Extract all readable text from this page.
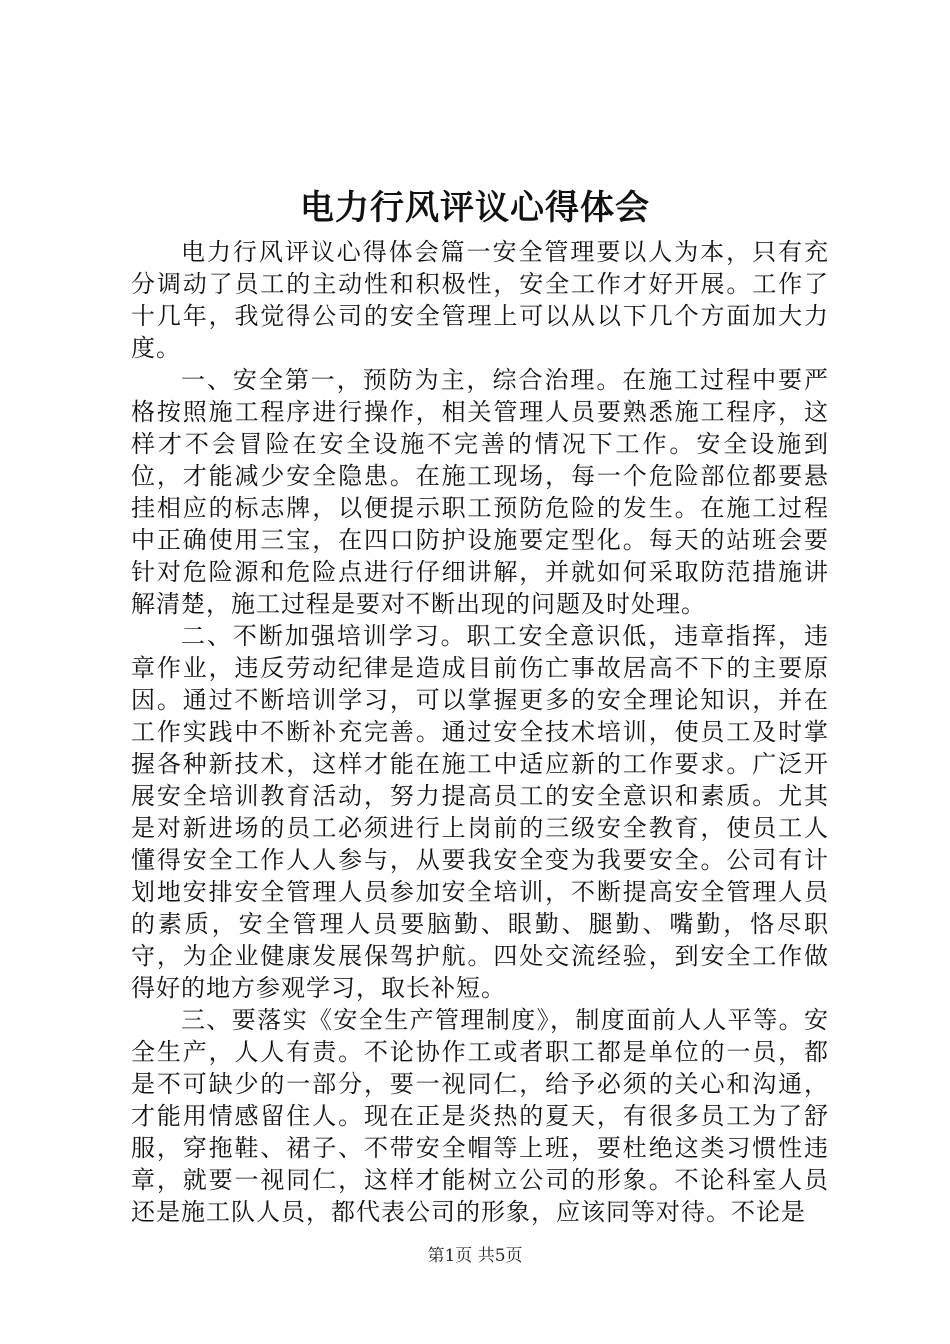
电力行风评议心得体会

电力行风评议心得体会篇一安全管理要以人为本，只有充分调动了员工的主动性和积极性，安全工作才好开展。工作了十几年，我觉得公司的安全管理上可以从以下几个方面加大力度。

一、安全第一，预防为主，综合治理。在施工过程中要严格按照施工程序进行操作，相关管理人员要熟悉施工程序，这样才不会冒险在安全设施不完善的情况下工作。安全设施到位，才能减少安全隐患。在施工现场，每一个危险部位都要悬挂相应的标志牌，以便提示职工预防危险的发生。在施工过程中正确使用三宝，在四口防护设施要定型化。每天的站班会要针对危险源和危险点进行仔细讲解，并就如何采取防范措施讲解清楚，施工过程是要对不断出现的问题及时处理。

二、不断加强培训学习。职工安全意识低，违章指挥，违章作业，违反劳动纪律是造成目前伤亡事故居高不下的主要原因。通过不断培训学习，可以掌握更多的安全理论知识，并在工作实践中不断补充完善。通过安全技术培训，使员工及时掌握各种新技术，这样才能在施工中适应新的工作要求。广泛开展安全培训教育活动，努力提高员工的安全意识和素质。尤其是对新进场的员工必须进行上岗前的三级安全教育，使员工人懂得安全工作人人参与，从要我安全变为我要安全。公司有计划地安排安全管理人员参加安全培训，不断提高安全管理人员的素质，安全管理人员要脑勤、眼勤、腿勤、嘴勤，恪尽职守，为企业健康发展保驾护航。四处交流经验，到安全工作做得好的地方参观学习，取长补短。

三、要落实《安全生产管理制度》，制度面前人人平等。安全生产，人人有责。不论协作工或者职工都是单位的一员，都是不可缺少的一部分，要一视同仁，给予必须的关心和沟通，才能用情感留住人。现在正是炎热的夏天，有很多员工为了舒服，穿拖鞋、裙子、不带安全帽等上班，要杜绝这类习惯性违章，就要一视同仁，这样才能树立公司的形象。不论科室人员还是施工队人员，都代表公司的形象，应该同等对待。不论是

第1页 共5页
